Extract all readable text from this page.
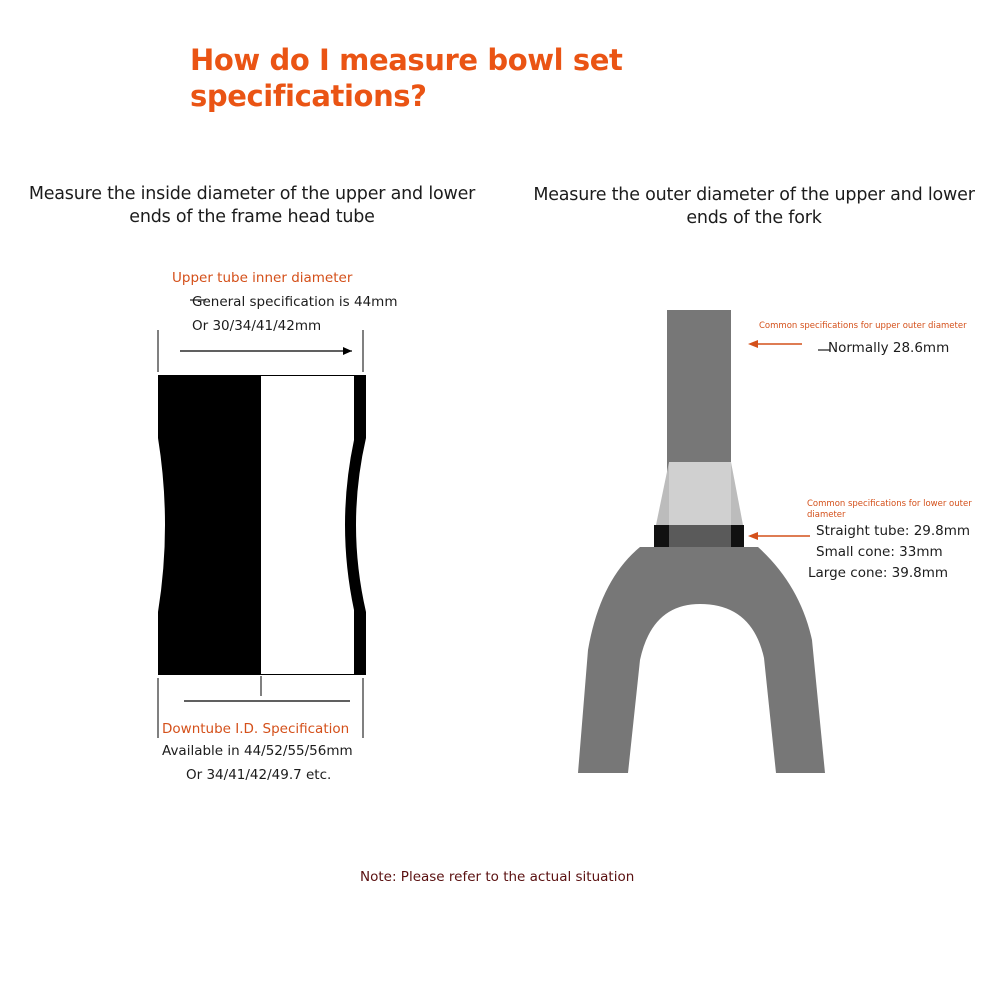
How do I measure bowl set specifications?
Measure the inside diameter of the upper and lower ends of the frame head tube
Measure the outer diameter of the upper and lower ends of the fork
Upper tube inner diameter
General specification is 44mm
Or 30/34/41/42mm
Downtube I.D. Specification
Available in 44/52/55/56mm
Or 34/41/42/49.7 etc.
Common specifications for upper outer diameter
Normally 28.6mm
Common specifications for lower outer diameter
Straight tube: 29.8mm
Small cone: 33mm
Large cone: 39.8mm
Note: Please refer to the actual situation
